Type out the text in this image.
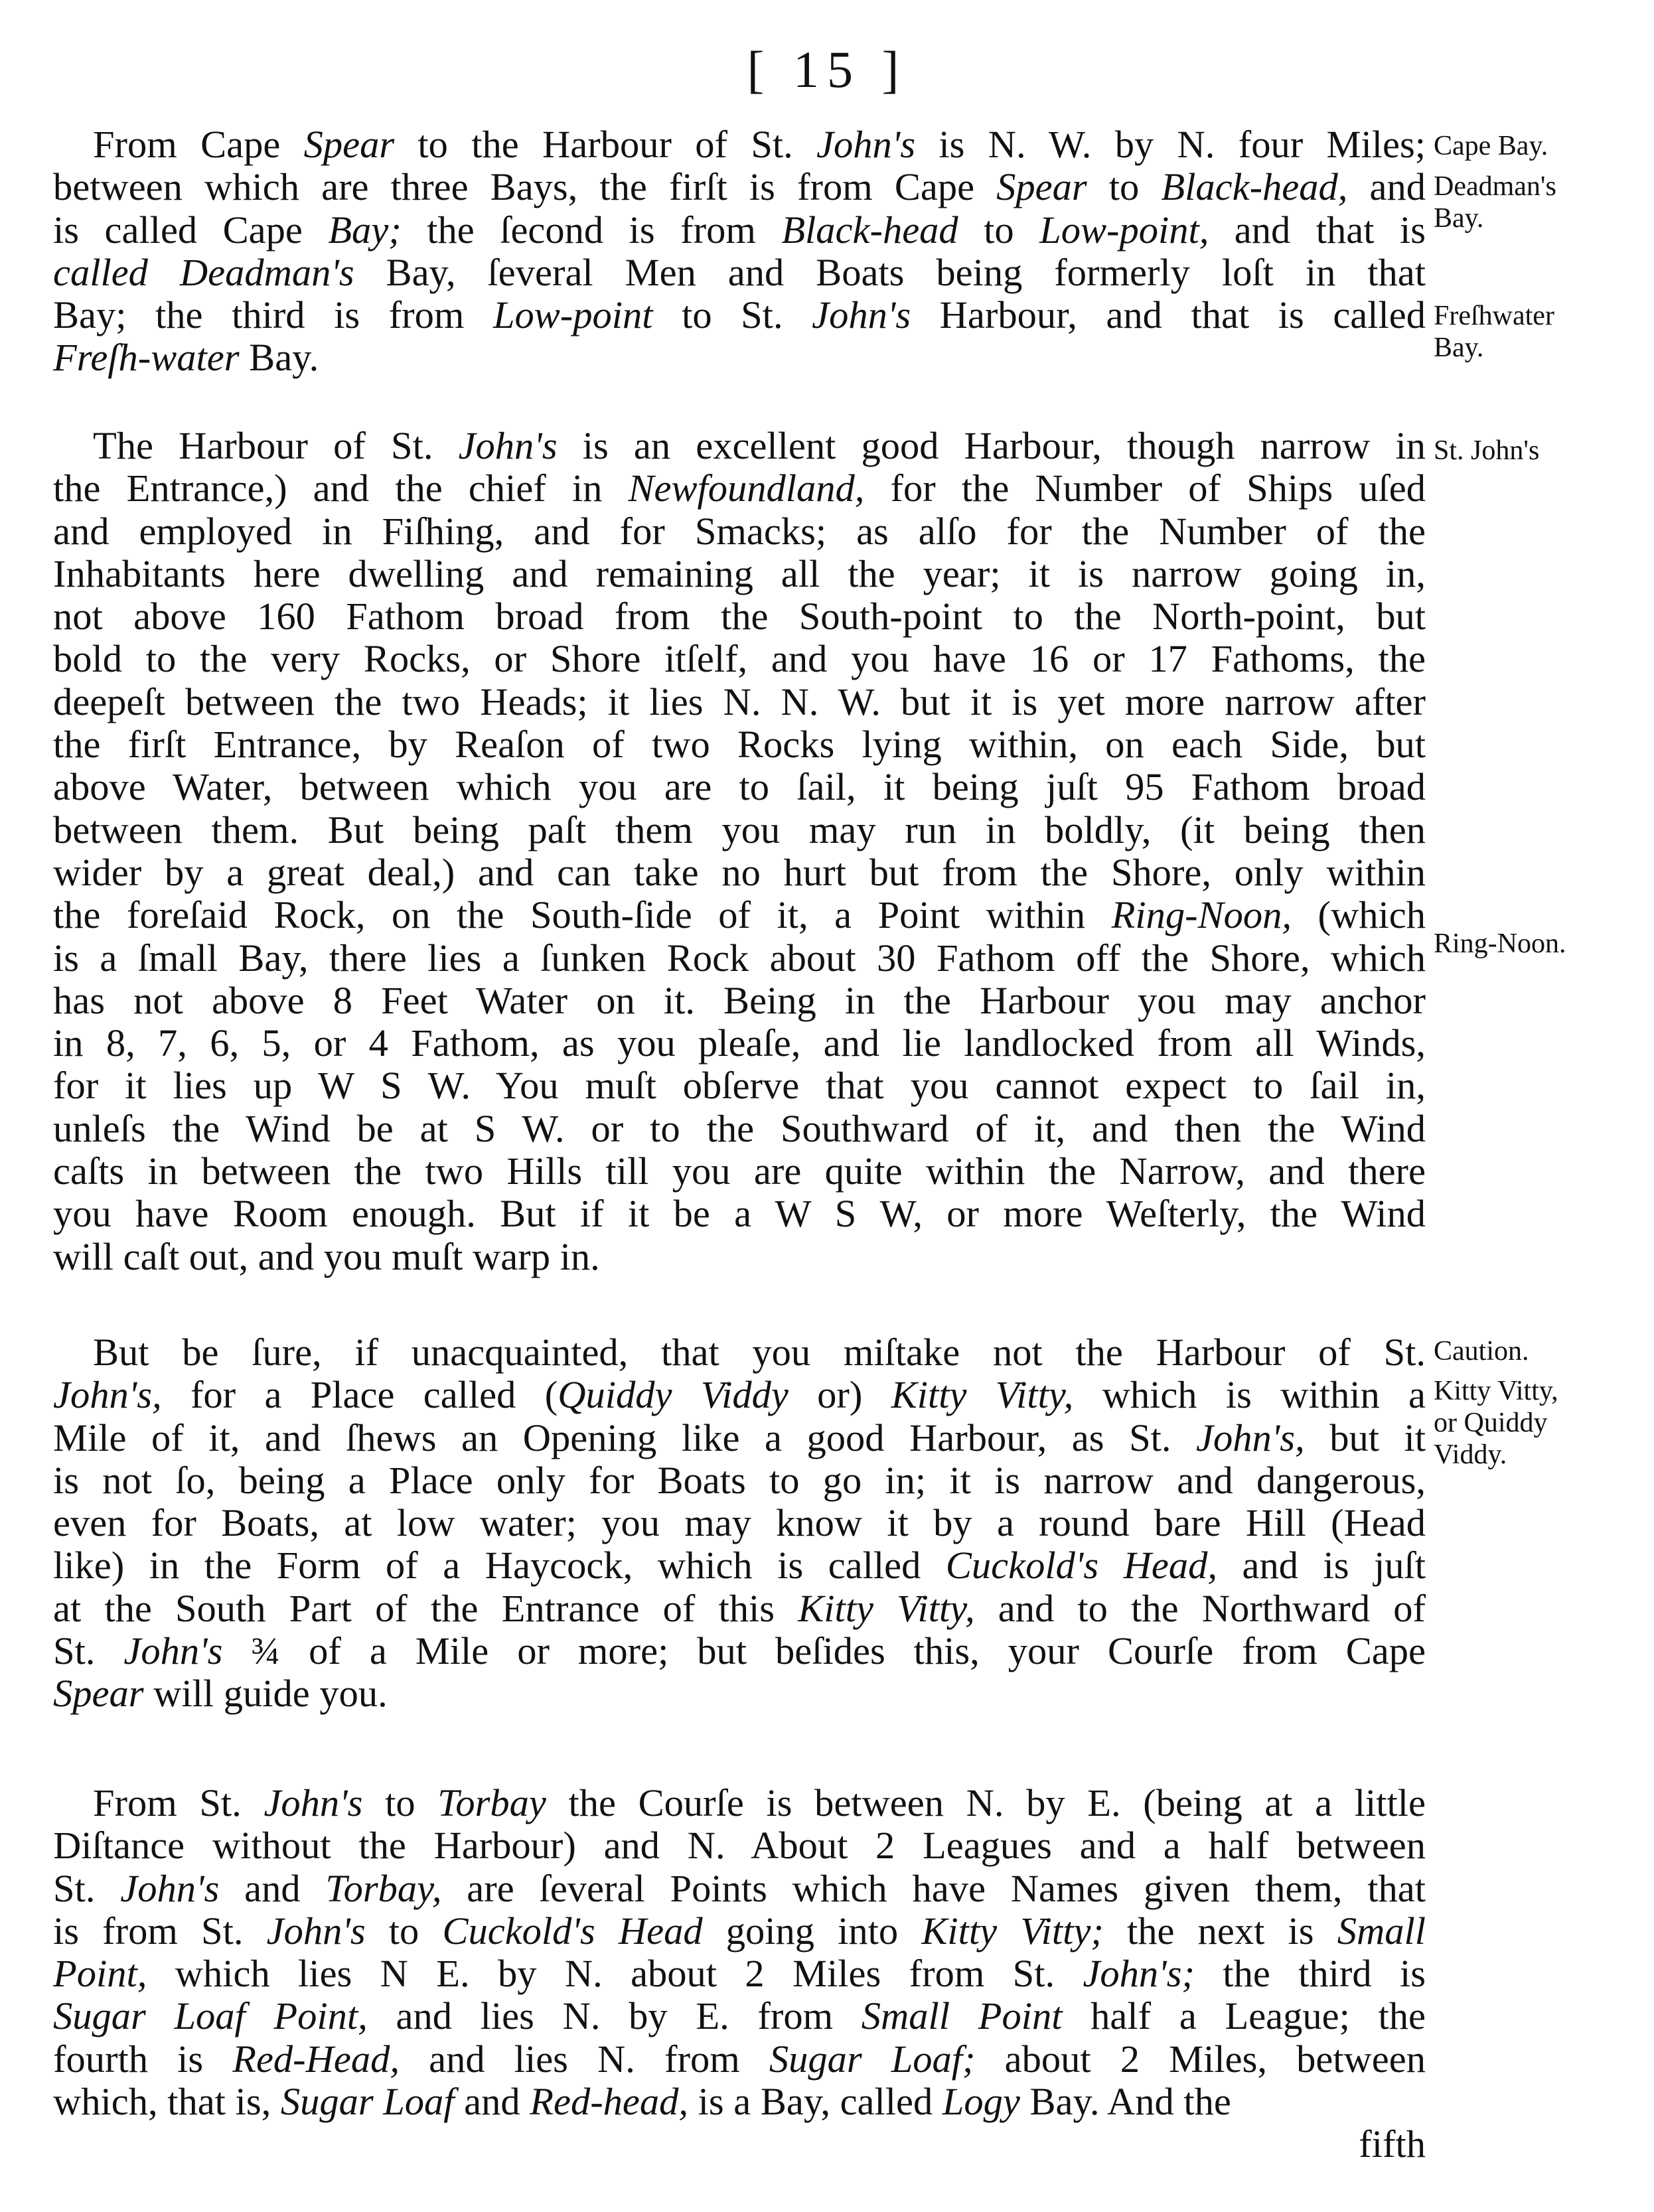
[ 15 ]
From Cape Spear to the Harbour of St. John's is N. W. by N. four Miles;
between which are three Bays, the firſt is from Cape Spear to Black-head, and
is called Cape Bay; the ſecond is from Black-head to Low-point, and that is
called Deadman's Bay, ſeveral Men and Boats being formerly loſt in that
Bay; the third is from Low-point to St. John's Harbour, and that is called
Freſh-water Bay.
The Harbour of St. John's is an excellent good Harbour, though narrow in
the Entrance,) and the chief in Newfoundland, for the Number of Ships uſed
and employed in Fiſhing, and for Smacks; as alſo for the Number of the
Inhabitants here dwelling and remaining all the year; it is narrow going in,
not above 160 Fathom broad from the South-point to the North-point, but
bold to the very Rocks, or Shore itſelf, and you have 16 or 17 Fathoms, the
deepeſt between the two Heads; it lies N. N. W. but it is yet more narrow after
the firſt Entrance, by Reaſon of two Rocks lying within, on each Side, but
above Water, between which you are to ſail, it being juſt 95 Fathom broad
between them. But being paſt them you may run in boldly, (it being then
wider by a great deal,) and can take no hurt but from the Shore, only within
the foreſaid Rock, on the South-ſide of it, a Point within Ring-Noon, (which
is a ſmall Bay, there lies a ſunken Rock about 30 Fathom off the Shore, which
has not above 8 Feet Water on it. Being in the Harbour you may anchor
in 8, 7, 6, 5, or 4 Fathom, as you pleaſe, and lie landlocked from all Winds,
for it lies up W S W. You muſt obſerve that you cannot expect to ſail in,
unleſs the Wind be at S W. or to the Southward of it, and then the Wind
caſts in between the two Hills till you are quite within the Narrow, and there
you have Room enough. But if it be a W S W, or more Weſterly, the Wind
will caſt out, and you muſt warp in.
But be ſure, if unacquainted, that you miſtake not the Harbour of St.
John's, for a Place called (Quiddy Viddy or) Kitty Vitty, which is within a
Mile of it, and ſhews an Opening like a good Harbour, as St. John's, but it
is not ſo, being a Place only for Boats to go in; it is narrow and dangerous,
even for Boats, at low water; you may know it by a round bare Hill (Head
like) in the Form of a Haycock, which is called Cuckold's Head, and is juſt
at the South Part of the Entrance of this Kitty Vitty, and to the Northward of
St. John's ¾ of a Mile or more; but beſides this, your Courſe from Cape
Spear will guide you.
From St. John's to Torbay the Courſe is between N. by E. (being at a little
Diſtance without the Harbour) and N. About 2 Leagues and a half between
St. John's and Torbay, are ſeveral Points which have Names given them, that
is from St. John's to Cuckold's Head going into Kitty Vitty; the next is Small
Point, which lies N E. by N. about 2 Miles from St. John's; the third is
Sugar Loaf Point, and lies N. by E. from Small Point half a League; the
fourth is Red-Head, and lies N. from Sugar Loaf; about 2 Miles, between
which, that is, Sugar Loaf and Red-head, is a Bay, called Logy Bay. And the
fifth
Cape Bay.
Deadman's
Bay.
Freſhwater
Bay.
St. John's
Ring-Noon.
Caution.
Kitty Vitty,
or Quiddy
Viddy.
